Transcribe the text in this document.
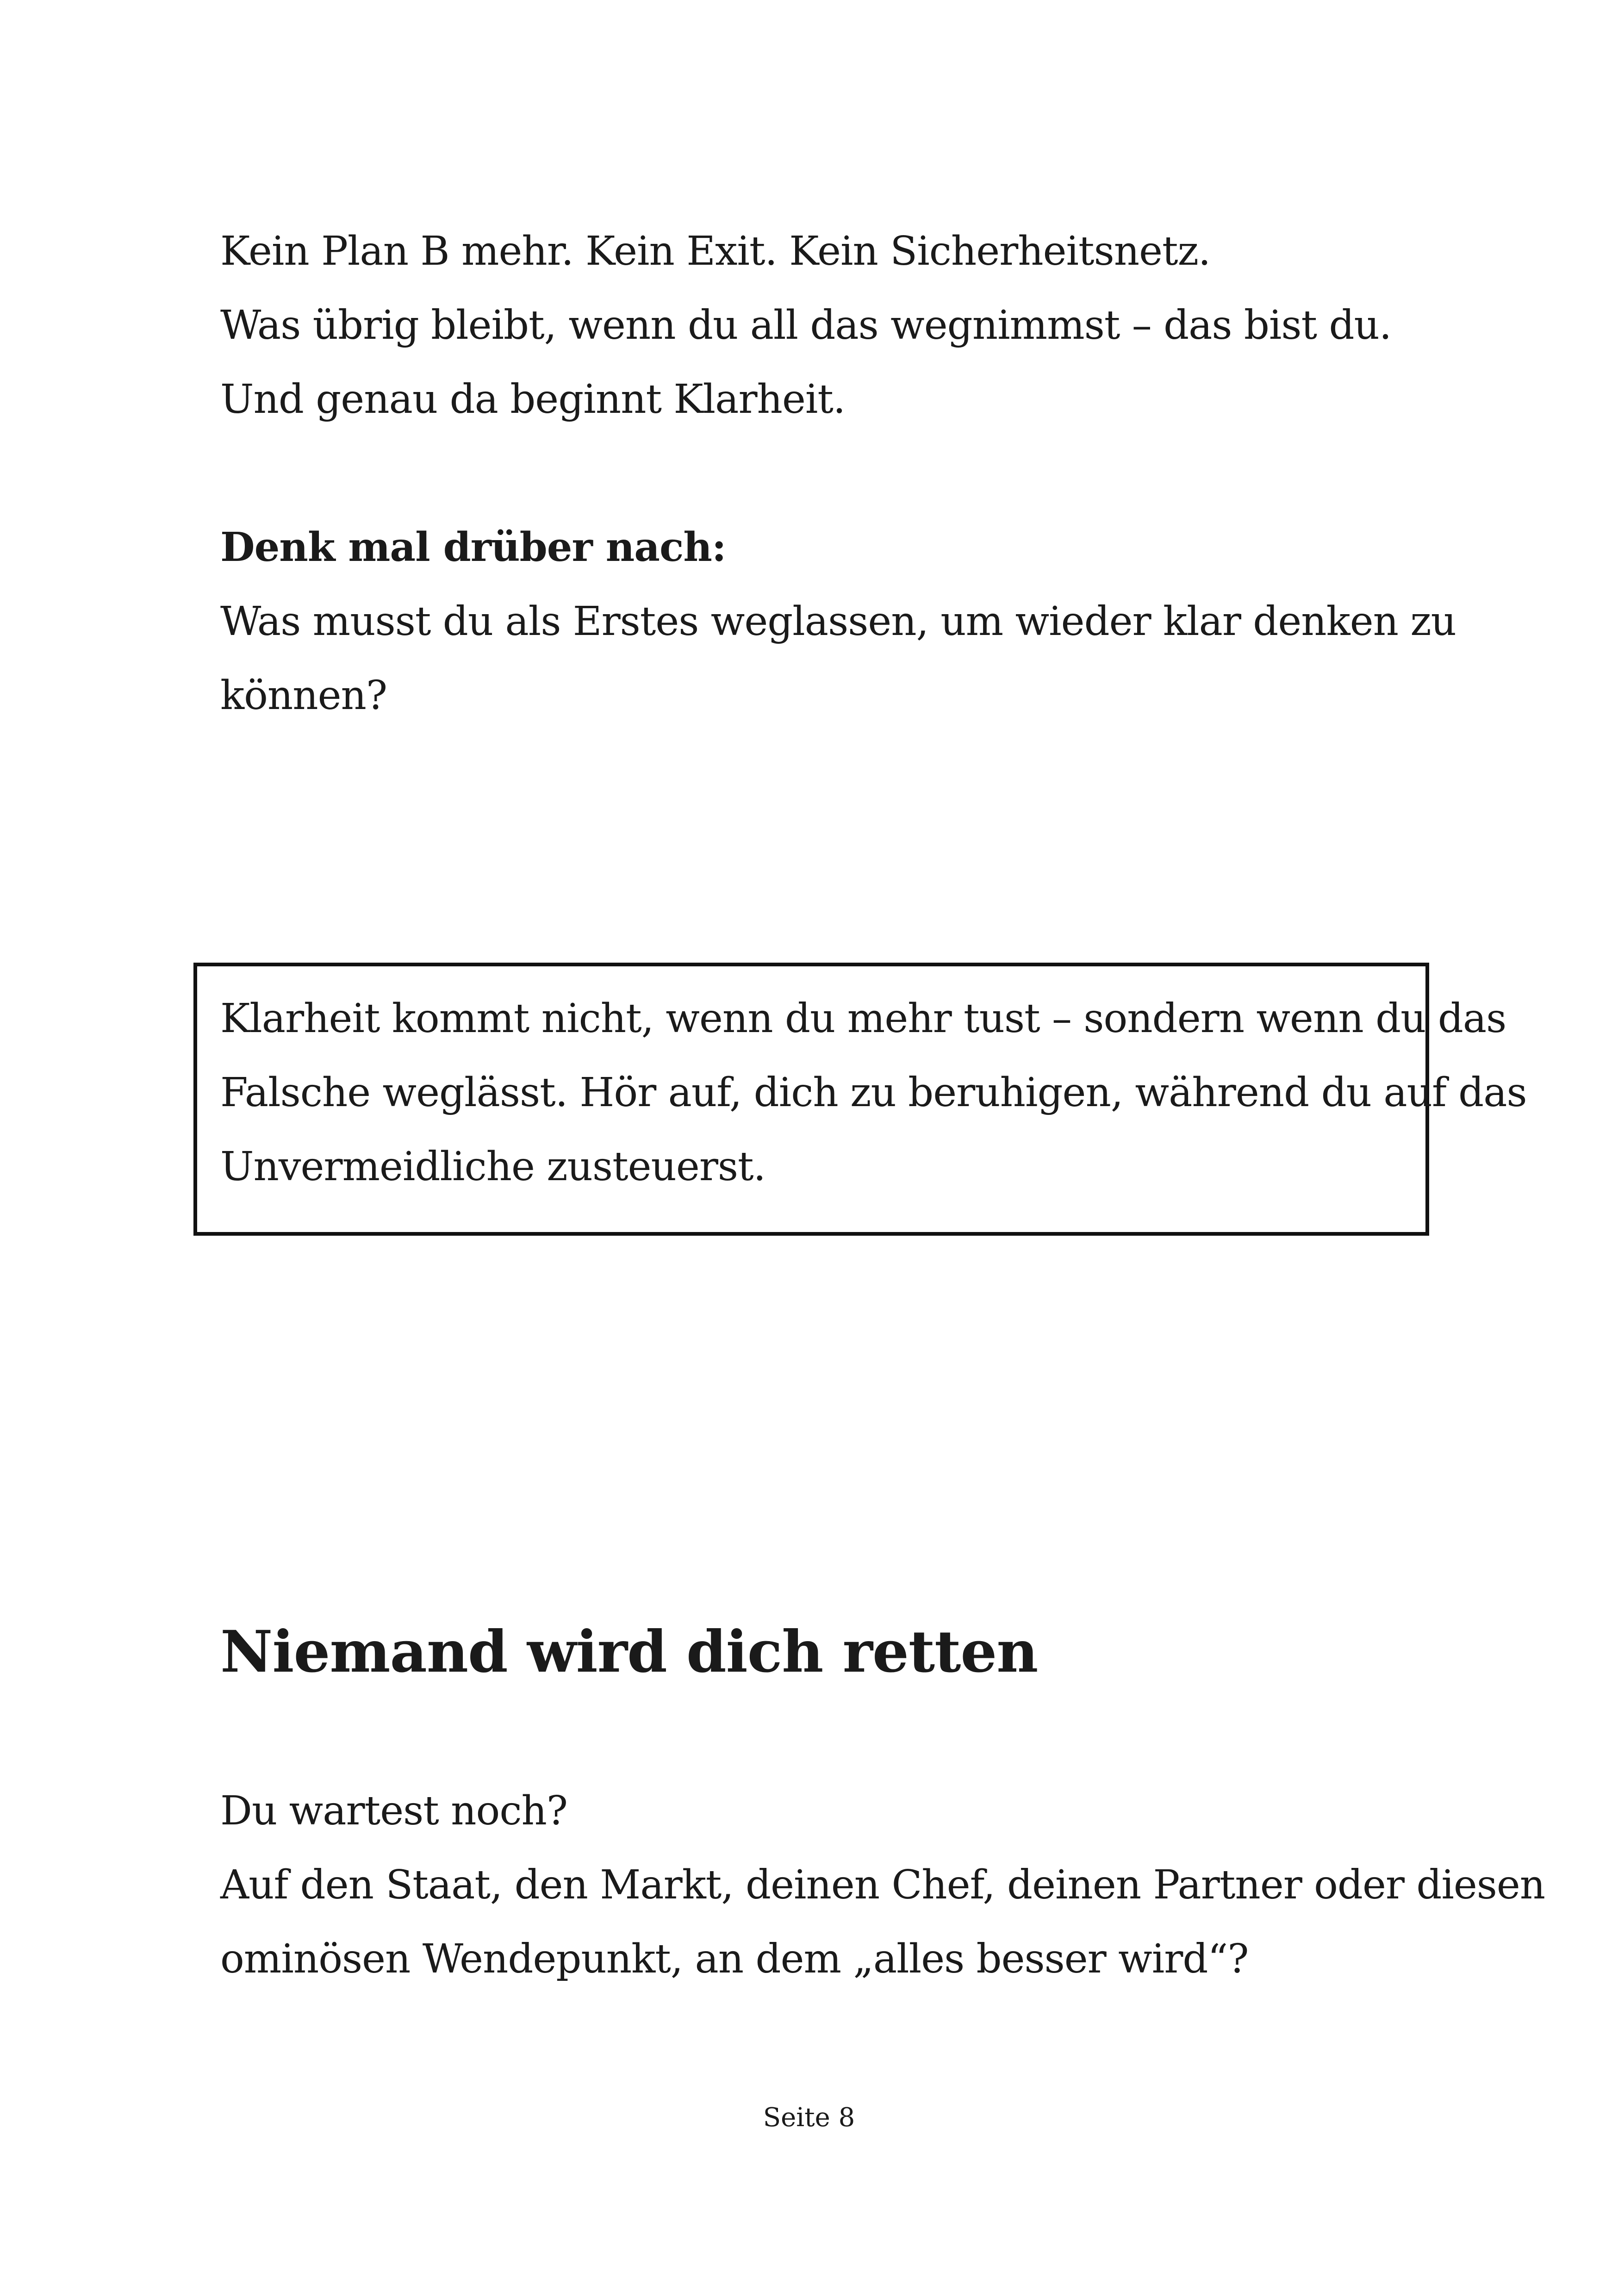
Kein Plan B mehr. Kein Exit. Kein Sicherheitsnetz.
Was übrig bleibt, wenn du all das wegnimmst – das bist du.
Und genau da beginnt Klarheit.
Denk mal drüber nach:
Was musst du als Erstes weglassen, um wieder klar denken zu
können?
Klarheit kommt nicht, wenn du mehr tust – sondern wenn du das
Falsche weglässt. Hör auf, dich zu beruhigen, während du auf das
Unvermeidliche zusteuerst.
Niemand wird dich retten
Du wartest noch?
Auf den Staat, den Markt, deinen Chef, deinen Partner oder diesen
ominösen Wendepunkt, an dem „alles besser wird“?
Seite 8
